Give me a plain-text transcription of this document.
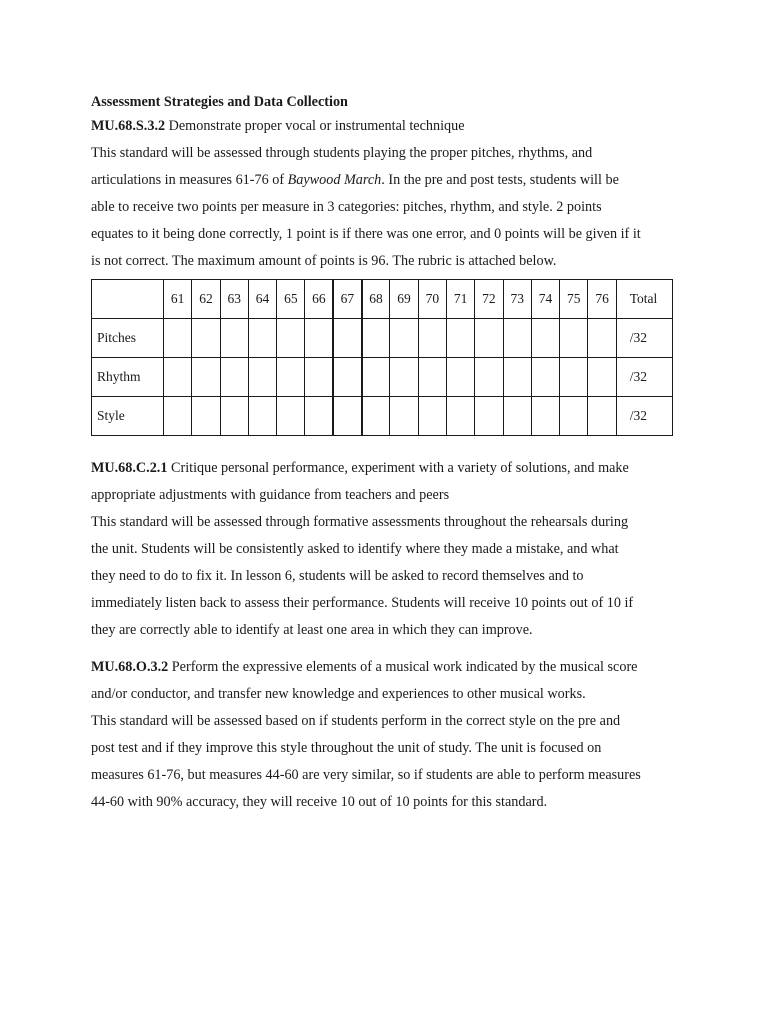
Assessment Strategies and Data Collection
MU.68.S.3.2 Demonstrate proper vocal or instrumental technique
This standard will be assessed through students playing the proper pitches, rhythms, and
articulations in measures 61-76 of Baywood March. In the pre and post tests, students will be
able to receive two points per measure in 3 categories: pitches, rhythm, and style. 2 points
equates to it being done correctly, 1 point is if there was one error, and 0 points will be given if it
is not correct. The maximum amount of points is 96. The rubric is attached below.
	61	62	63	64	65	66	67	68	69	70	71	72	73	74	75	76	Total
Pitches																	/32
Rhythm																	/32
Style																	/32
MU.68.C.2.1 Critique personal performance, experiment with a variety of solutions, and make
appropriate adjustments with guidance from teachers and peers
This standard will be assessed through formative assessments throughout the rehearsals during
the unit. Students will be consistently asked to identify where they made a mistake, and what
they need to do to fix it. In lesson 6, students will be asked to record themselves and to
immediately listen back to assess their performance. Students will receive 10 points out of 10 if
they are correctly able to identify at least one area in which they can improve.
MU.68.O.3.2 Perform the expressive elements of a musical work indicated by the musical score
and/or conductor, and transfer new knowledge and experiences to other musical works.
This standard will be assessed based on if students perform in the correct style on the pre and
post test and if they improve this style throughout the unit of study. The unit is focused on
measures 61-76, but measures 44-60 are very similar, so if students are able to perform measures
44-60 with 90% accuracy, they will receive 10 out of 10 points for this standard.
